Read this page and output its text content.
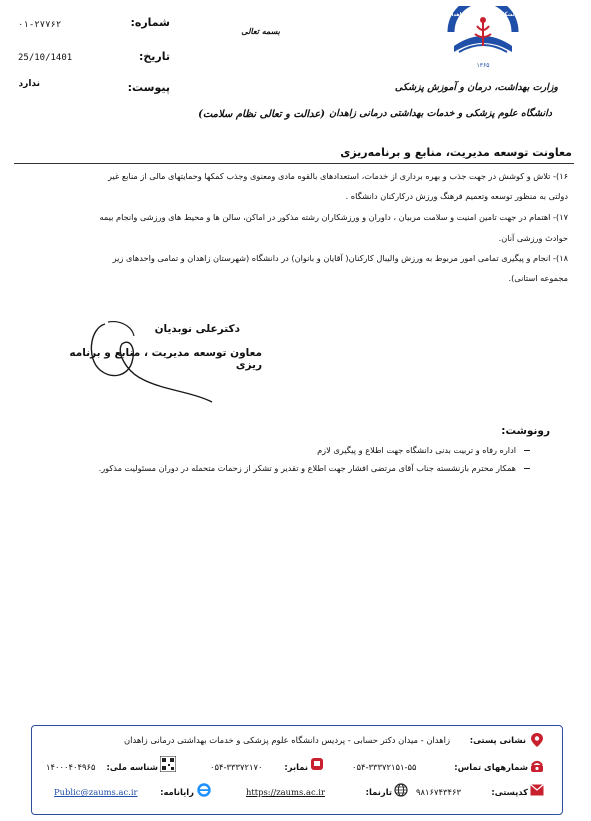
شماره:
۰۱-۲۷۷۶۲
تاریخ:
25/10/1401
پیوست:
ندارد
بسمه تعالی
دانشگاه علوم پزشکی زاهدان
۱۳۶۵
وزارت بهداشت، درمان و آموزش پزشکی
دانشگاه علوم پزشکی و خدمات بهداشتی درمانی زاهدان
(عدالت و تعالی نظام سلامت)
معاونت توسعه مدیریت، منابع و برنامه‌ریزی
۱۶)- تلاش و کوشش در جهت جذب و بهره برداری از خدمات، استعدادهای بالقوه مادی ومعنوی وجذب کمکها وحمایتهای مالی از منابع غیر
دولتی به منظور توسعه وتعمیم فرهنگ ورزش درکارکنان دانشگاه .
۱۷)- اهتمام در جهت تامین امنیت و سلامت مربیان ، داوران و ورزشکاران رشته مذکور در اماکن، سالن ها و محیط های ورزشی وانجام بیمه
حوادث ورزشی آنان.
۱۸)- انجام و پیگیری تمامی امور مربوط به ورزش والیبال کارکنان( آقایان و بانوان) در دانشگاه (شهرستان زاهدان و تمامی واحدهای زیر
مجموعه استانی).
دکترعلی نوبدیان
معاون توسعه مدیریت ، منابع و برنامه ریزی
رونوشت:
اداره رفاه و تربیت بدنی دانشگاه جهت اطلاع و پیگیری لازم
همکار محترم بازنشسته جناب آقای مرتضی افشار جهت اطلاع و تقدیر و تشکر از زحمات متحمله در دوران مسئولیت مذکور.
نشانی پستی:
زاهدان - میدان دکتر حسابی - پردیس دانشگاه علوم پزشکی و خدمات بهداشتی درمانی زاهدان
شمارههای تماس:
۰۵۴-۳۳۳۷۲۱۵۱-۵۵
نمابر:
۰۵۴-۳۳۳۷۲۱۷۰
شناسه ملی:
۱۴۰۰۰۴۰۴۹۶۵
کدپستی:
۹۸۱۶۷۴۳۴۶۳
تارنما:
https://zaums.ac.ir
رایانامه:
Public@zaums.ac.ir
